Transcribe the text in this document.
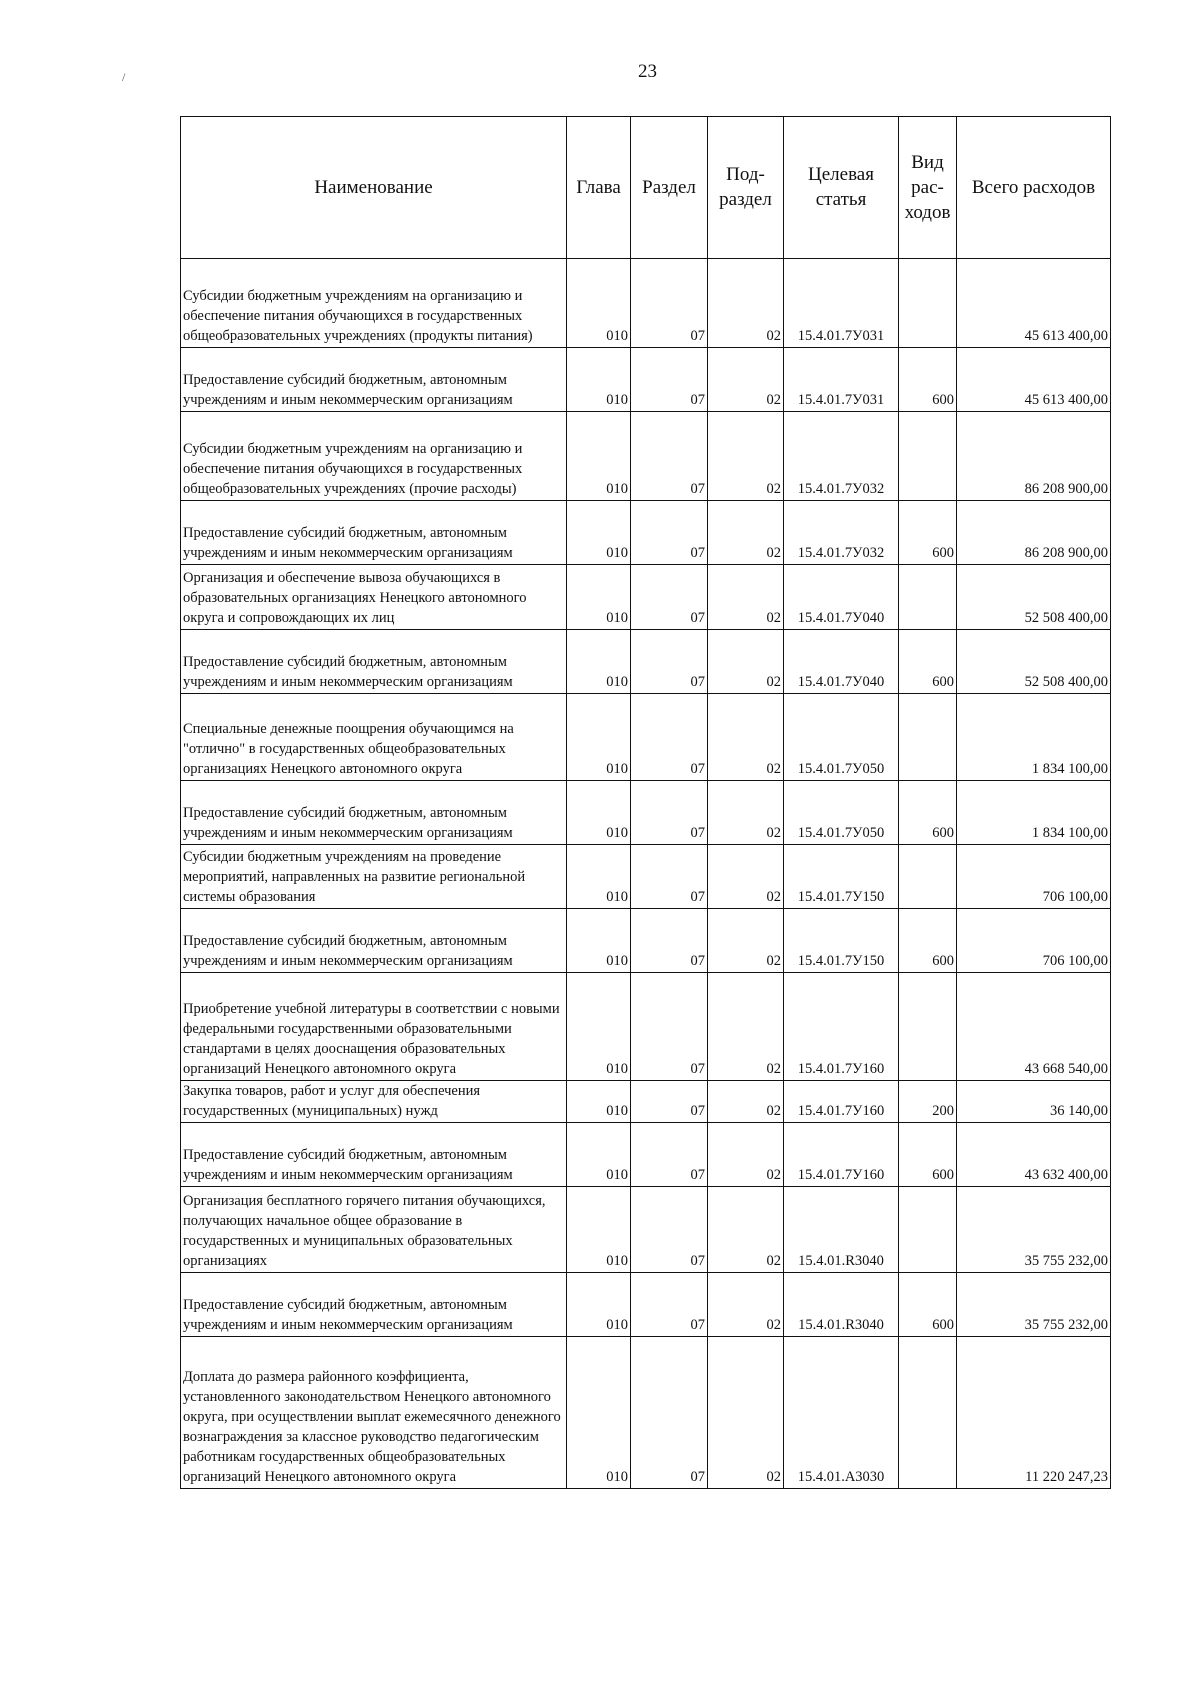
/	23
Наименование	Глава	Раздел	Под- раздел	Целевая статья	Вид рас- ходов	Всего расходов
Субсидии бюджетным учреждениям на организацию и обеспечение питания обучающихся в государственных общеобразовательных учреждениях (продукты питания)	010	07	02	15.4.01.7У031		45 613 400,00
Предоставление субсидий бюджетным, автономным учреждениям и иным некоммерческим организациям	010	07	02	15.4.01.7У031	600	45 613 400,00
Субсидии бюджетным учреждениям на организацию и обеспечение питания обучающихся в государственных общеобразовательных учреждениях (прочие расходы)	010	07	02	15.4.01.7У032		86 208 900,00
Предоставление субсидий бюджетным, автономным учреждениям и иным некоммерческим организациям	010	07	02	15.4.01.7У032	600	86 208 900,00
Организация и обеспечение вывоза обучающихся в образовательных организациях Ненецкого автономного округа и сопровождающих их лиц	010	07	02	15.4.01.7У040		52 508 400,00
Предоставление субсидий бюджетным, автономным учреждениям и иным некоммерческим организациям	010	07	02	15.4.01.7У040	600	52 508 400,00
Специальные денежные поощрения обучающимся на "отлично" в государственных общеобразовательных организациях Ненецкого автономного округа	010	07	02	15.4.01.7У050		1 834 100,00
Предоставление субсидий бюджетным, автономным учреждениям и иным некоммерческим организациям	010	07	02	15.4.01.7У050	600	1 834 100,00
Субсидии бюджетным учреждениям на проведение мероприятий, направленных на развитие региональной системы образования	010	07	02	15.4.01.7У150		706 100,00
Предоставление субсидий бюджетным, автономным учреждениям и иным некоммерческим организациям	010	07	02	15.4.01.7У150	600	706 100,00
Приобретение учебной литературы в соответствии с новыми федеральными государственными образовательными стандартами в целях дооснащения образовательных организаций Ненецкого автономного округа	010	07	02	15.4.01.7У160		43 668 540,00
Закупка товаров, работ и услуг для обеспечения государственных (муниципальных) нужд	010	07	02	15.4.01.7У160	200	36 140,00
Предоставление субсидий бюджетным, автономным учреждениям и иным некоммерческим организациям	010	07	02	15.4.01.7У160	600	43 632 400,00
Организация бесплатного горячего питания обучающихся, получающих начальное общее образование в государственных и муниципальных образовательных организациях	010	07	02	15.4.01.R3040		35 755 232,00
Предоставление субсидий бюджетным, автономным учреждениям и иным некоммерческим организациям	010	07	02	15.4.01.R3040	600	35 755 232,00
Доплата до размера районного коэффициента, установленного законодательством Ненецкого автономного округа, при осуществлении выплат ежемесячного денежного вознаграждения за классное руководство педагогическим работникам государственных общеобразовательных организаций Ненецкого автономного округа	010	07	02	15.4.01.А3030		11 220 247,23
